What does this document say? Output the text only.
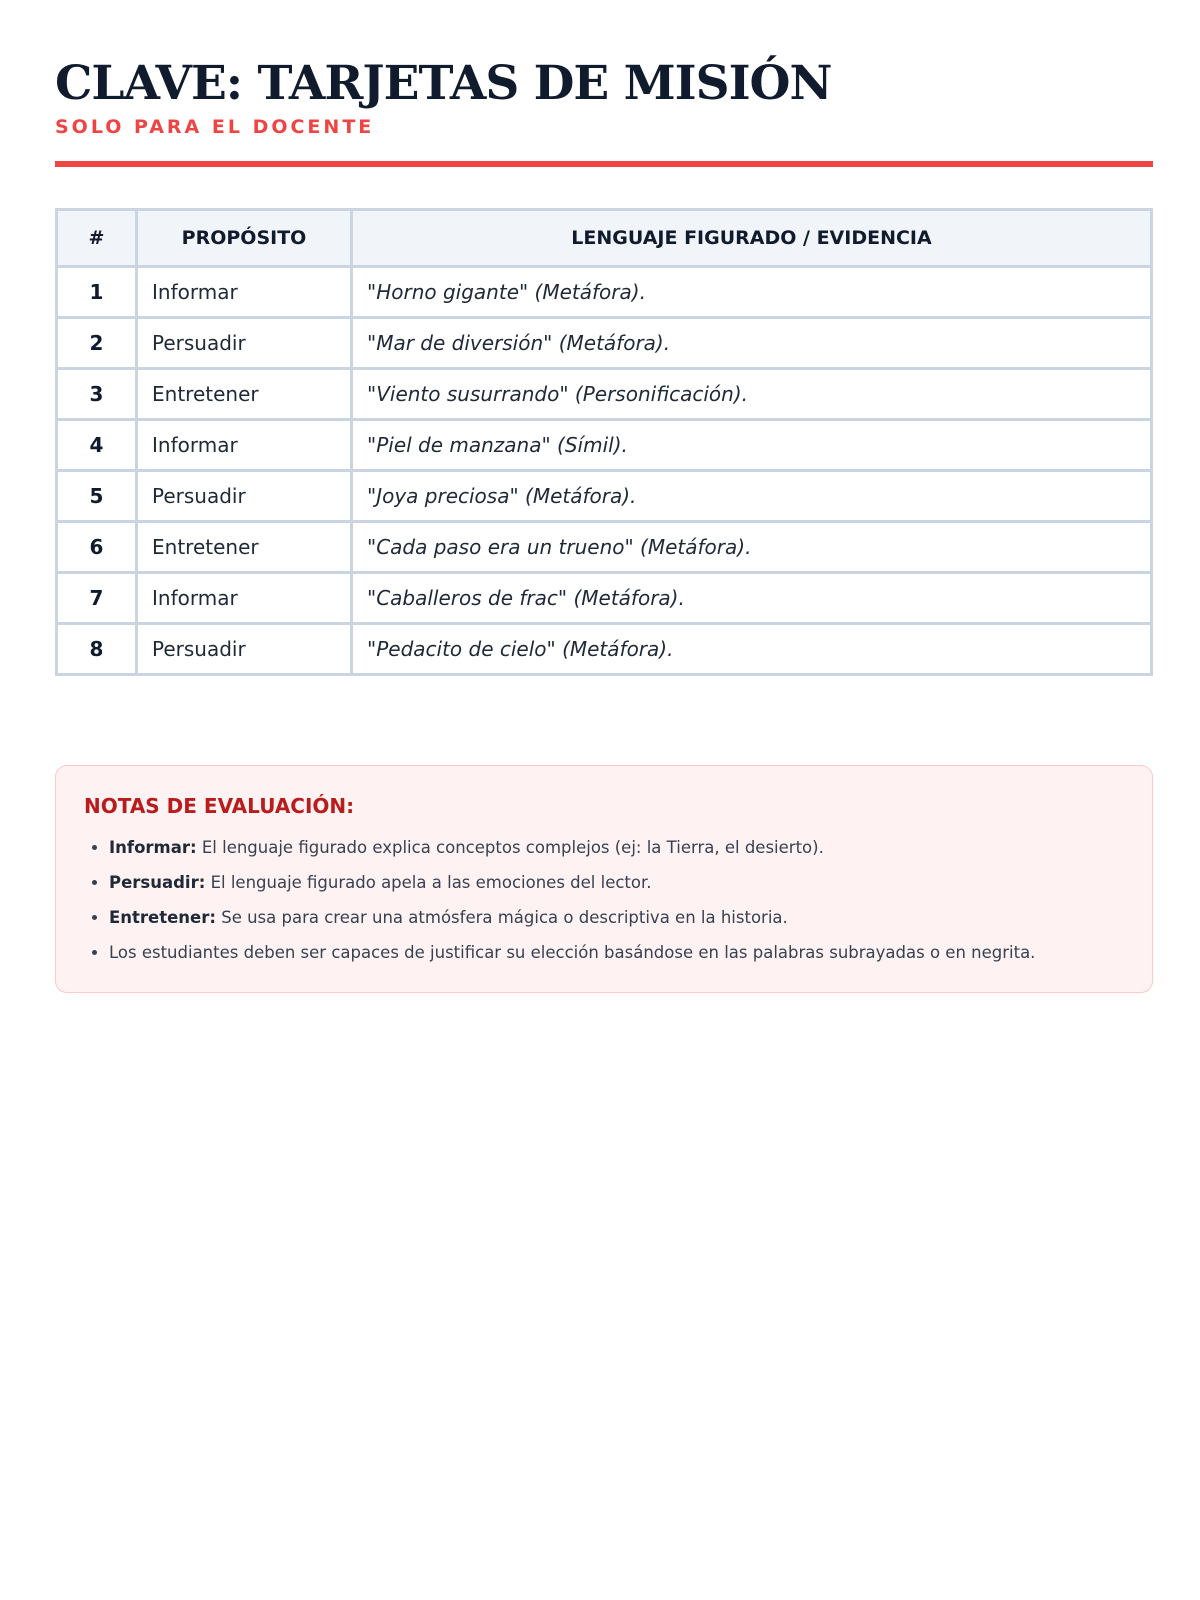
CLAVE: TARJETAS DE MISIÓN
SOLO PARA EL DOCENTE
#	PROPÓSITO	LENGUAJE FIGURADO / EVIDENCIA
1	Informar	"Horno gigante" (Metáfora).
2	Persuadir	"Mar de diversión" (Metáfora).
3	Entretener	"Viento susurrando" (Personificación).
4	Informar	"Piel de manzana" (Símil).
5	Persuadir	"Joya preciosa" (Metáfora).
6	Entretener	"Cada paso era un trueno" (Metáfora).
7	Informar	"Caballeros de frac" (Metáfora).
8	Persuadir	"Pedacito de cielo" (Metáfora).
NOTAS DE EVALUACIÓN:
• Informar: El lenguaje figurado explica conceptos complejos (ej: la Tierra, el desierto).
• Persuadir: El lenguaje figurado apela a las emociones del lector.
• Entretener: Se usa para crear una atmósfera mágica o descriptiva en la historia.
• Los estudiantes deben ser capaces de justificar su elección basándose en las palabras subrayadas o en negrita.
